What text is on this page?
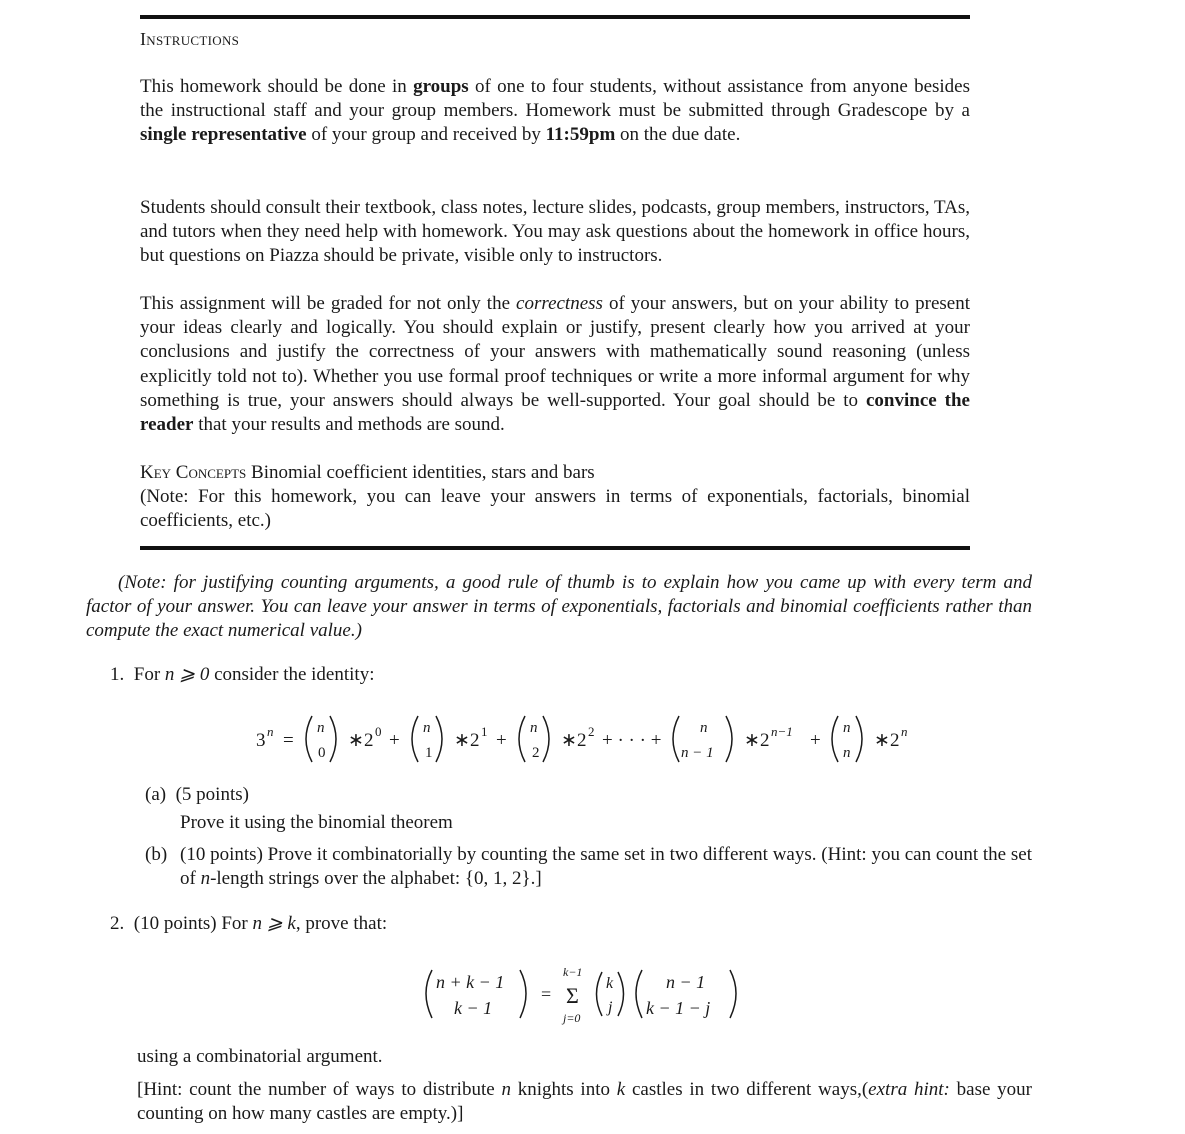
Instructions

This homework should be done in groups of one to four students, without assistance from anyone besides the instructional staff and your group members. Homework must be submitted through Gradescope by a single representative of your group and received by 11:59pm on the due date.

Students should consult their textbook, class notes, lecture slides, podcasts, group members, instructors, TAs, and tutors when they need help with homework. You may ask questions about the homework in office hours, but questions on Piazza should be private, visible only to instructors.

This assignment will be graded for not only the correctness of your answers, but on your ability to present your ideas clearly and logically. You should explain or justify, present clearly how you arrived at your conclusions and justify the correctness of your answers with mathematically sound reasoning (unless explicitly told not to). Whether you use formal proof techniques or write a more informal argument for why something is true, your answers should always be well-supported. Your goal should be to convince the reader that your results and methods are sound.

Key Concepts Binomial coefficient identities, stars and bars

(Note: For this homework, you can leave your answers in terms of exponentials, factorials, binomial coefficients, etc.)

(Note: for justifying counting arguments, a good rule of thumb is to explain how you came up with every term and factor of your answer. You can leave your answer in terms of exponentials, factorials and binomial coefficients rather than compute the exact numerical value.)
1. For n ⩾ 0 consider the identity:
3 n =
n
0
∗ 2 0 +
n
1
∗ 2 1 +
n
2
∗ 2 2 + · · · +
n
n − 1
∗ 2 n−1 +
n
n
∗ 2 n
(a) (5 points)
Prove it using the binomial theorem
(b) (10 points) Prove it combinatorially by counting the same set in two different ways. (Hint: you can count the set of n-length strings over the alphabet: {0, 1, 2}.]
2. (10 points) For n ⩾ k, prove that:
n + k − 1
k − 1
=
k−1
Σ
j=0
k
j
n − 1
k − 1 − j
using a combinatorial argument.
[Hint: count the number of ways to distribute n knights into k castles in two different ways,(extra hint: base your counting on how many castles are empty.)]
